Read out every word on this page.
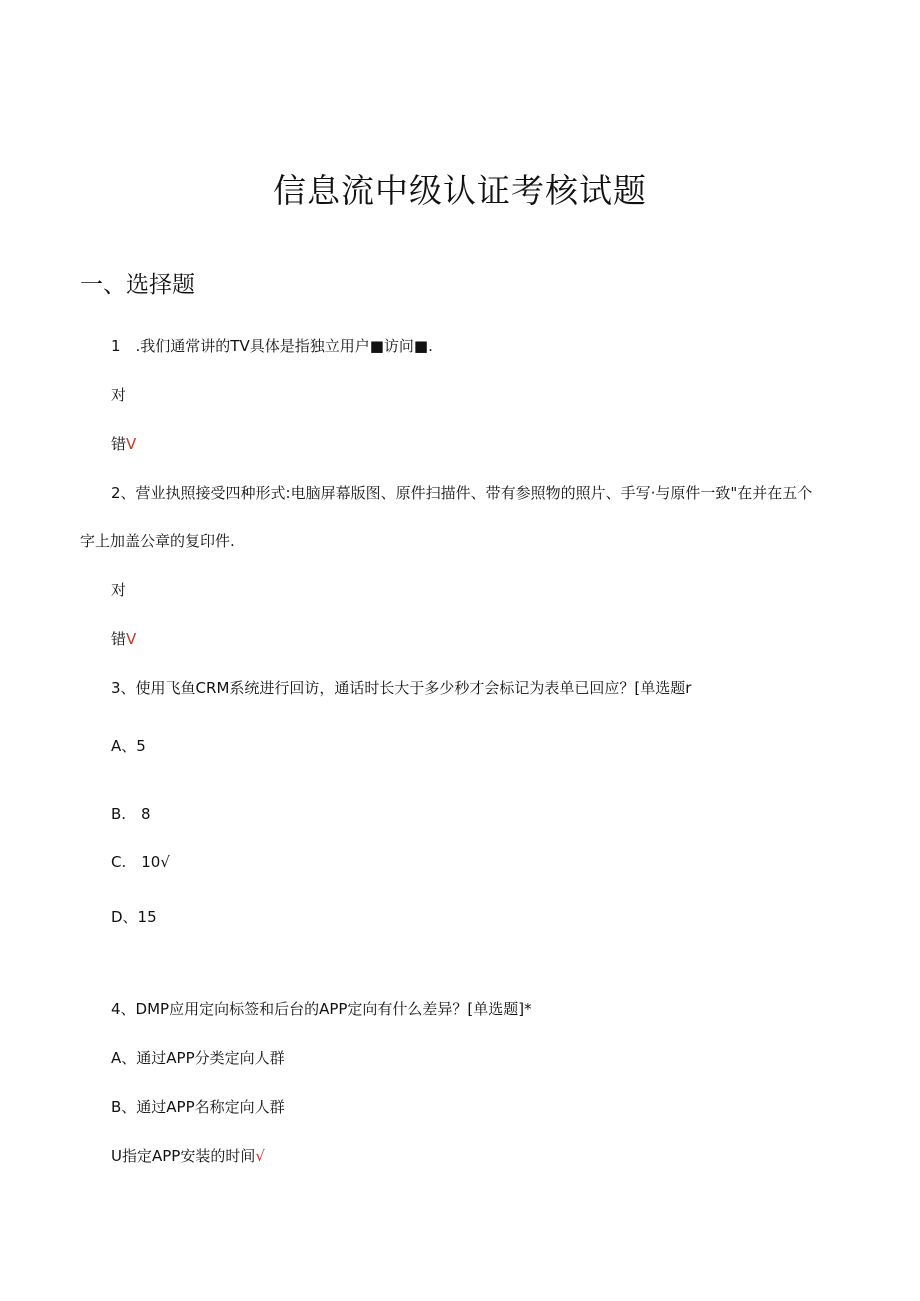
信息流中级认证考核试题
一、选择题
1　.我们通常讲的TV具体是指独立用户■访问■.
对
错V
2、营业执照接受四种形式:电脑屏幕版图、原件扫描件、带有参照物的照片、手写·与原件一致"在并在五个
字上加盖公章的复印件.
对
错V
3、使用飞鱼CRM系统进行回访，通话时长大于多少秒才会标记为表单已回应？[单选题r
A、5
B.　8
C.　10√
D、15
4、DMP应用定向标签和后台的APP定向有什么差异？[单选题]*
A、通过APP分类定向人群
B、通过APP名称定向人群
U指定APP安装的时间√
